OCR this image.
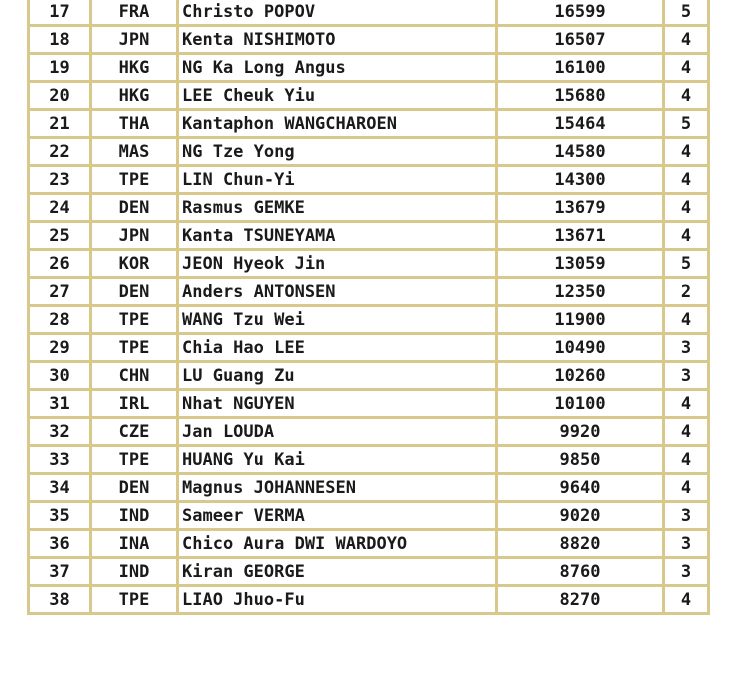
17	FRA	Christo POPOV	16599	5
18	JPN	Kenta NISHIMOTO	16507	4
19	HKG	NG Ka Long Angus	16100	4
20	HKG	LEE Cheuk Yiu	15680	4
21	THA	Kantaphon WANGCHAROEN	15464	5
22	MAS	NG Tze Yong	14580	4
23	TPE	LIN Chun-Yi	14300	4
24	DEN	Rasmus GEMKE	13679	4
25	JPN	Kanta TSUNEYAMA	13671	4
26	KOR	JEON Hyeok Jin	13059	5
27	DEN	Anders ANTONSEN	12350	2
28	TPE	WANG Tzu Wei	11900	4
29	TPE	Chia Hao LEE	10490	3
30	CHN	LU Guang Zu	10260	3
31	IRL	Nhat NGUYEN	10100	4
32	CZE	Jan LOUDA	9920	4
33	TPE	HUANG Yu Kai	9850	4
34	DEN	Magnus JOHANNESEN	9640	4
35	IND	Sameer VERMA	9020	3
36	INA	Chico Aura DWI WARDOYO	8820	3
37	IND	Kiran GEORGE	8760	3
38	TPE	LIAO Jhuo-Fu	8270	4
